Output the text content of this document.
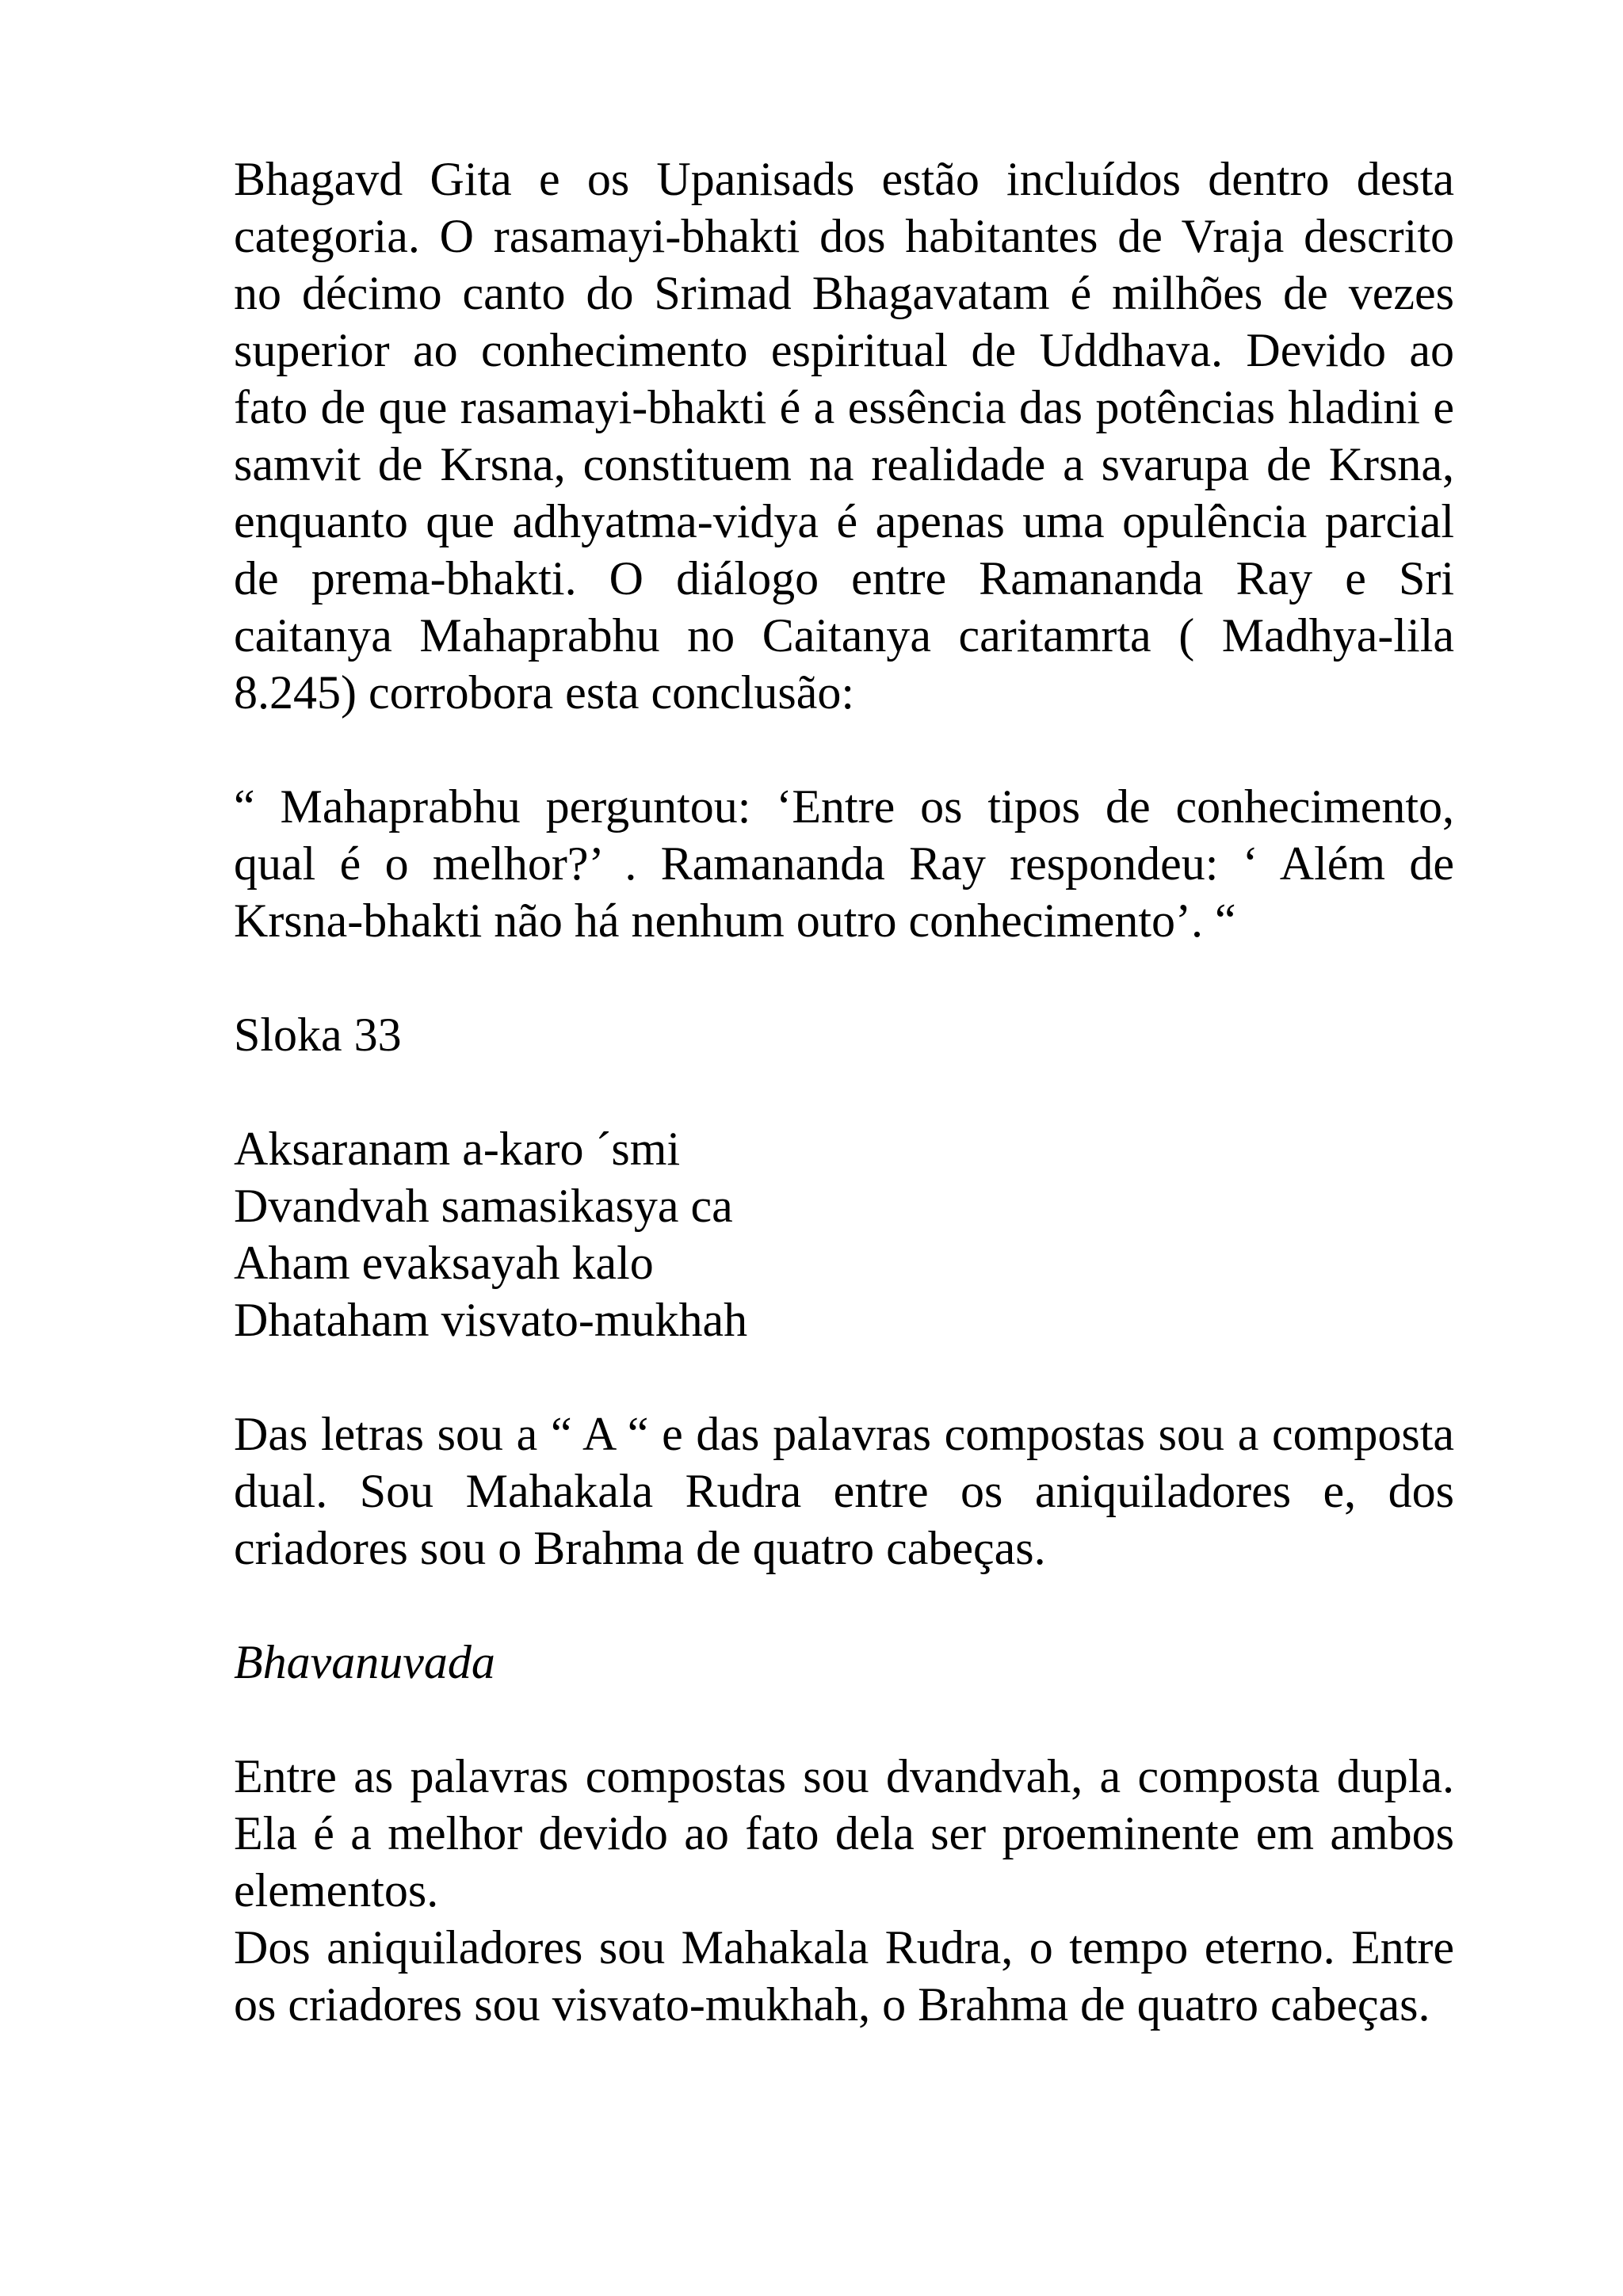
Bhagavd Gita e os Upanisads estão incluídos dentro desta categoria. O rasamayi-bhakti dos habitantes de Vraja descrito no décimo canto do Srimad Bhagavatam é milhões de vezes superior ao conhecimento espiritual de Uddhava. Devido ao fato de que rasamayi-bhakti é a essência das potências hladini e samvit de Krsna, constituem na realidade a svarupa de Krsna, enquanto que adhyatma-vidya é apenas uma opulência parcial de prema-bhakti. O diálogo entre Ramananda Ray e Sri caitanya Mahaprabhu no Caitanya caritamrta ( Madhya-lila 8.245) corrobora esta conclusão:

“ Mahaprabhu perguntou: ‘Entre os tipos de conhecimento, qual é o melhor?’ . Ramananda Ray respondeu: ‘ Além de Krsna-bhakti não há nenhum outro conhecimento’. “

Sloka 33

Aksaranam a-karo ´smi

Dvandvah samasikasya ca

Aham evaksayah kalo

Dhataham visvato-mukhah

Das letras sou a “ A “ e das palavras compostas sou a composta dual. Sou Mahakala Rudra entre os aniquiladores e, dos criadores sou o Brahma de quatro cabeças.

Bhavanuvada

Entre as palavras compostas sou dvandvah, a composta dupla. Ela é a melhor devido ao fato dela ser proeminente em ambos elementos.

Dos aniquiladores sou Mahakala Rudra, o tempo eterno. Entre os criadores sou visvato-mukhah, o Brahma de quatro cabeças.
